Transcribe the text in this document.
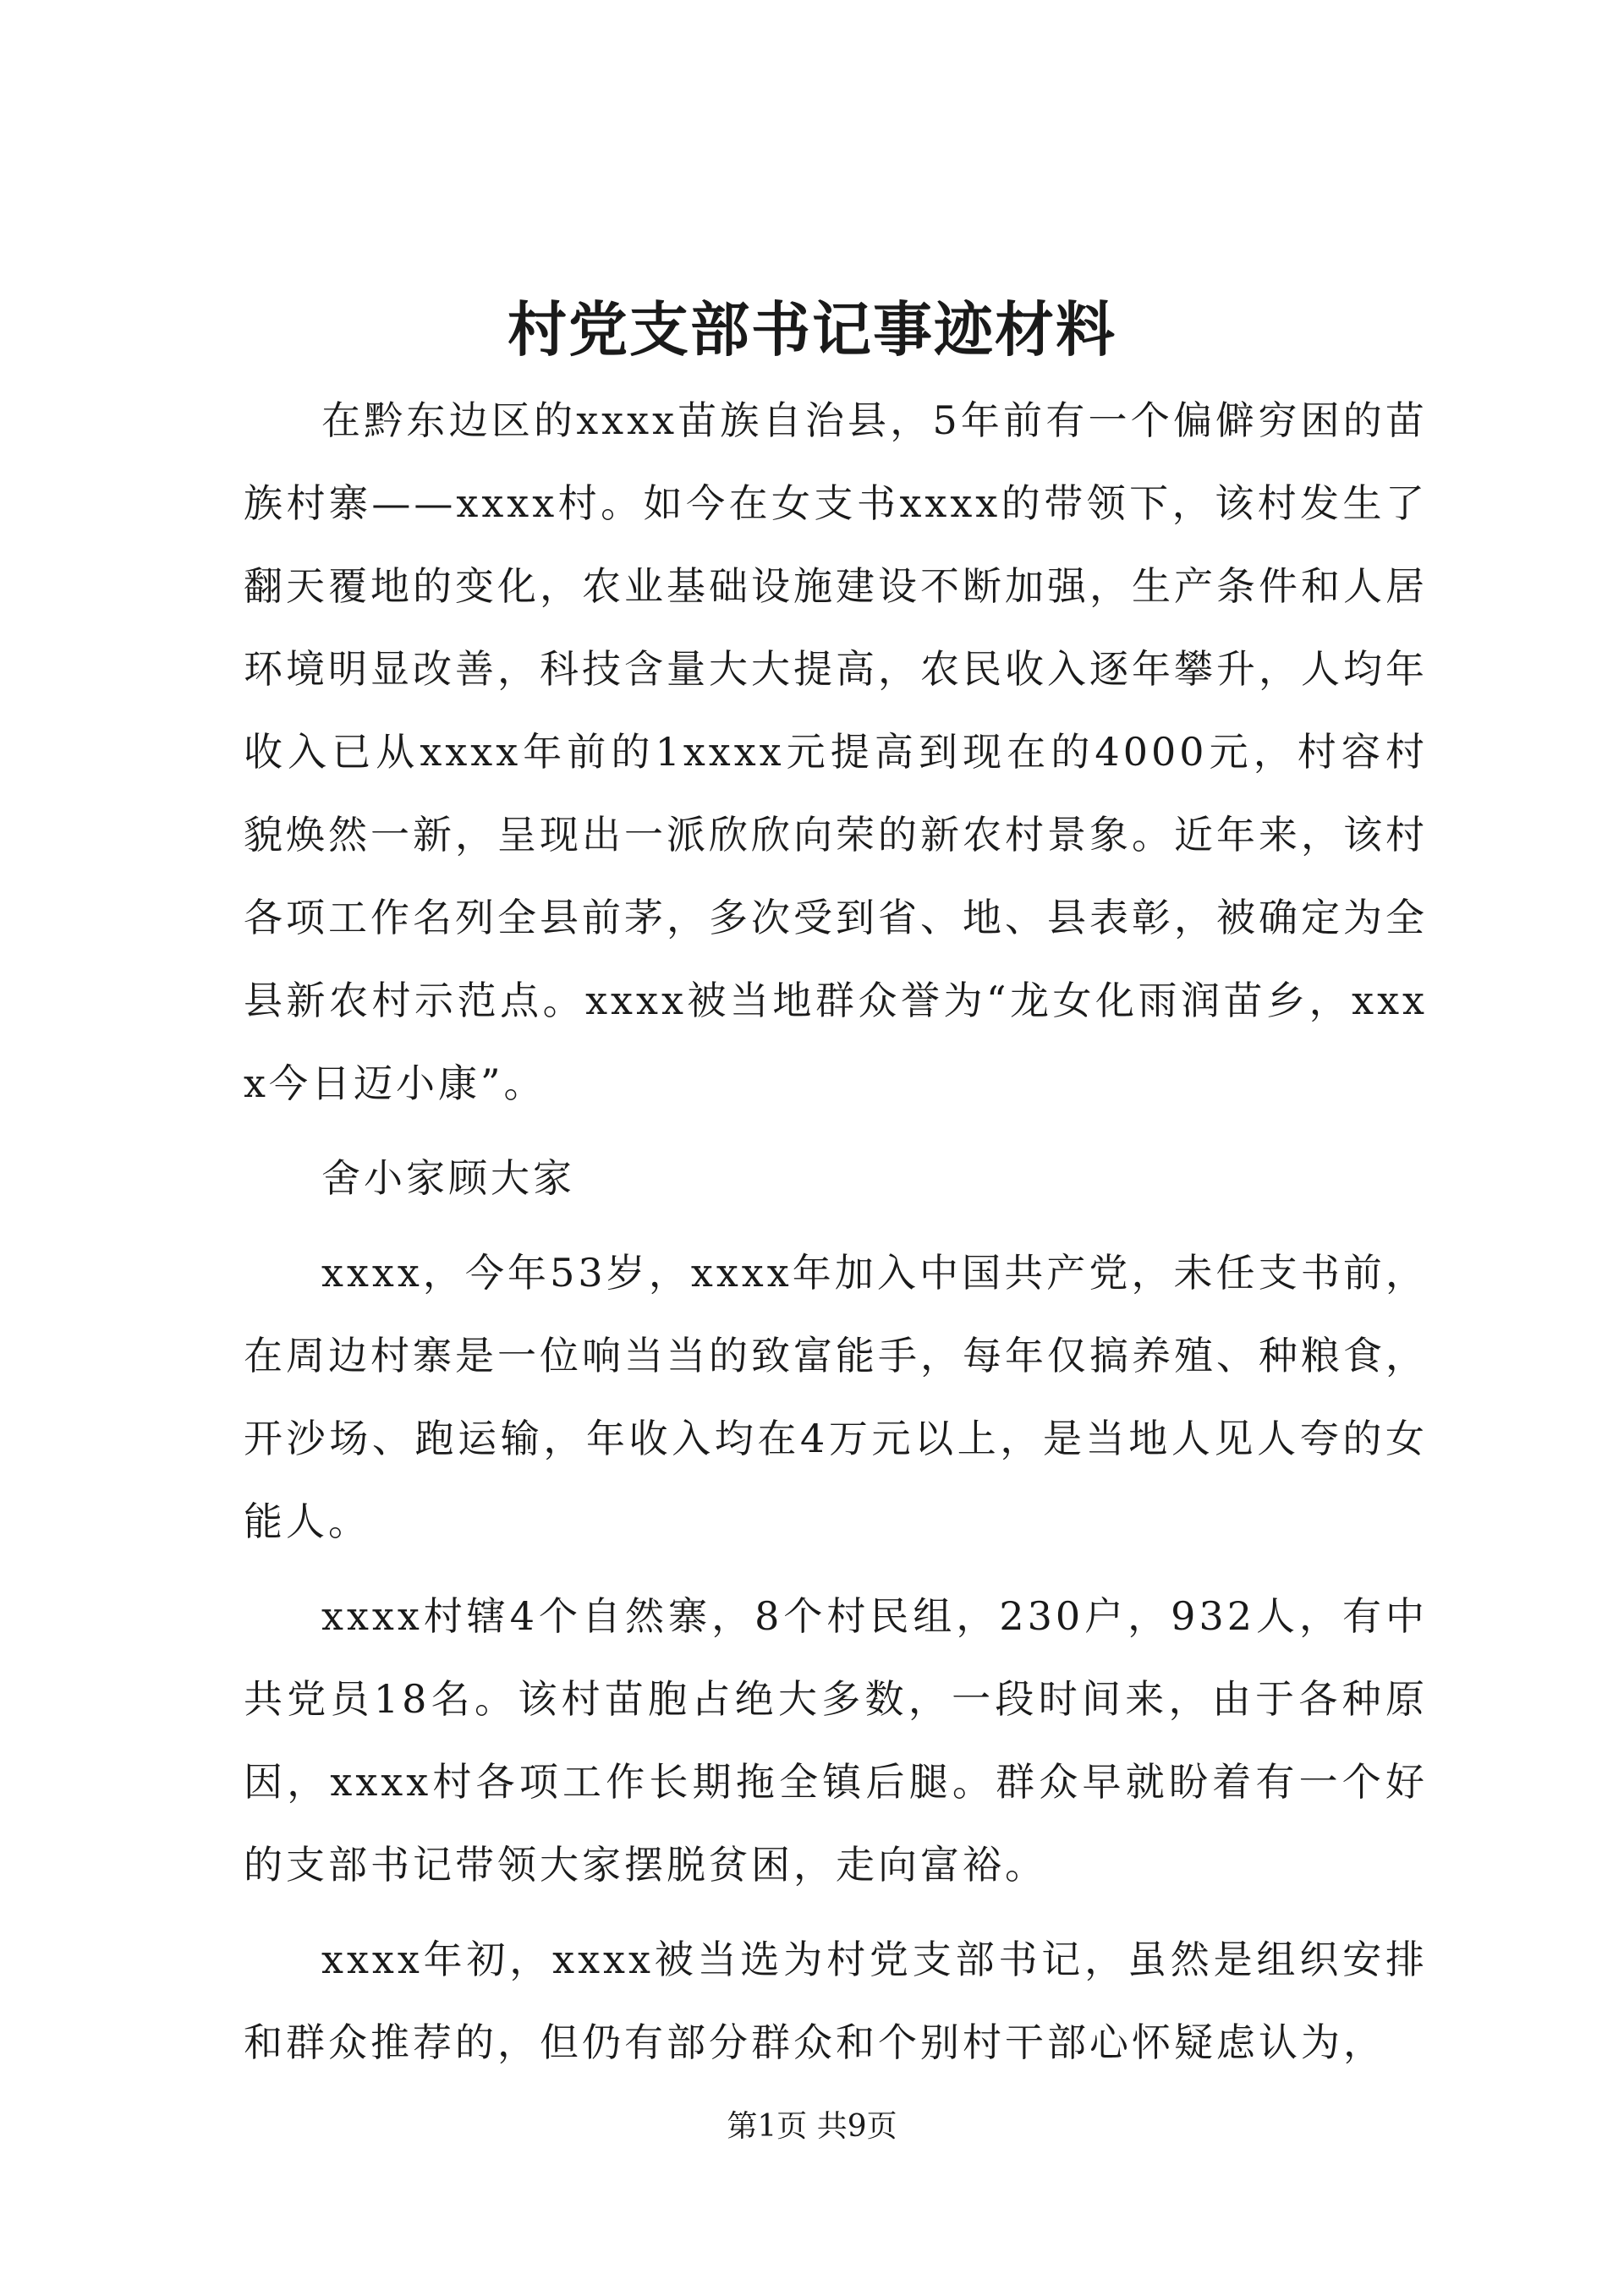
村党支部书记事迹材料

在黔东边区的xxxx苗族自治县，5年前有一个偏僻穷困的苗族村寨——xxxx村。如今在女支书xxxx的带领下，该村发生了翻天覆地的变化，农业基础设施建设不断加强，生产条件和人居环境明显改善，科技含量大大提高，农民收入逐年攀升，人均年收入已从xxxx年前的1xxxx元提高到现在的4000元，村容村貌焕然一新，呈现出一派欣欣向荣的新农村景象。近年来，该村各项工作名列全县前茅，多次受到省、地、县表彰，被确定为全县新农村示范点。xxxx被当地群众誉为“龙女化雨润苗乡，xxxx今日迈小康”。

舍小家顾大家

xxxx，今年53岁，xxxx年加入中国共产党，未任支书前，在周边村寨是一位响当当的致富能手，每年仅搞养殖、种粮食，开沙场、跑运输，年收入均在4万元以上，是当地人见人夸的女能人。

xxxx村辖4个自然寨，8个村民组，230户，932人，有中共党员18名。该村苗胞占绝大多数，一段时间来，由于各种原因，xxxx村各项工作长期拖全镇后腿。群众早就盼着有一个好的支部书记带领大家摆脱贫困，走向富裕。

xxxx年初，xxxx被当选为村党支部书记，虽然是组织安排和群众推荐的，但仍有部分群众和个别村干部心怀疑虑认为，

第1页 共9页
